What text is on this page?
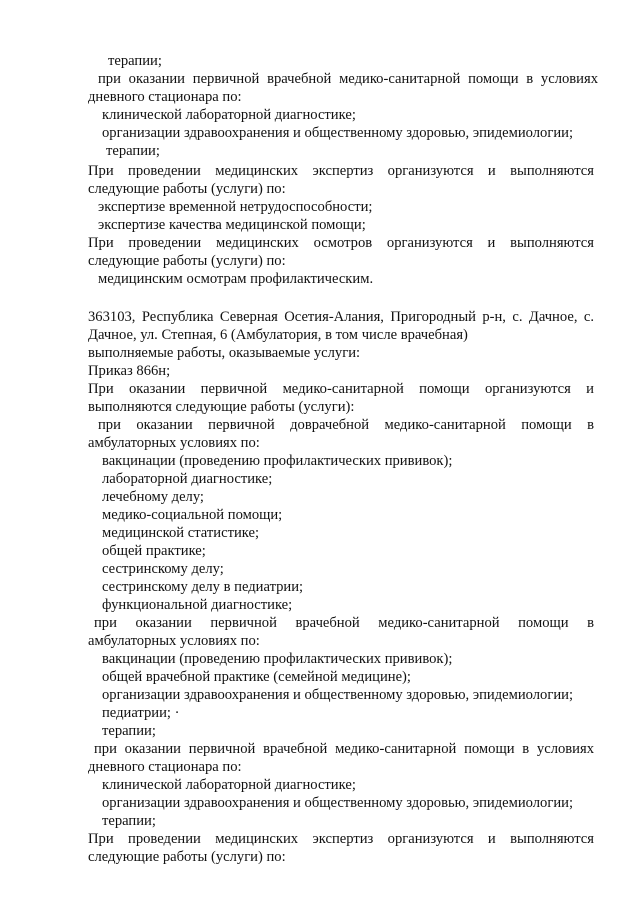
терапии;
при оказании первичной врачебной медико-санитарной помощи в условиях
дневного стационара по:
клинической лабораторной диагностике;
организации здравоохранения и общественному здоровью, эпидемиологии;
терапии;
При проведении медицинских экспертиз организуются и выполняются
следующие работы (услуги) по:
экспертизе временной нетрудоспособности;
экспертизе качества медицинской помощи;
При проведении медицинских осмотров организуются и выполняются
следующие работы (услуги) по:
медицинским осмотрам профилактическим.
363103, Республика Северная Осетия-Алания, Пригородный р-н, с. Дачное, с.
Дачное, ул. Степная, 6 (Амбулатория, в том числе врачебная)
выполняемые работы, оказываемые услуги:
Приказ 866н;
При оказании первичной медико-санитарной помощи организуются и
выполняются следующие работы (услуги):
при оказании первичной доврачебной медико-санитарной помощи в
амбулаторных условиях по:
вакцинации (проведению профилактических прививок);
лабораторной диагностике;
лечебному делу;
медико-социальной помощи;
медицинской статистике;
общей практике;
сестринскому делу;
сестринскому делу в педиатрии;
функциональной диагностике;
при оказании первичной врачебной медико-санитарной помощи в
амбулаторных условиях по:
вакцинации (проведению профилактических прививок);
общей врачебной практике (семейной медицине);
организации здравоохранения и общественному здоровью, эпидемиологии;
педиатрии; ·
терапии;
при оказании первичной врачебной медико-санитарной помощи в условиях
дневного стационара по:
клинической лабораторной диагностике;
организации здравоохранения и общественному здоровью, эпидемиологии;
терапии;
При проведении медицинских экспертиз организуются и выполняются
следующие работы (услуги) по:
